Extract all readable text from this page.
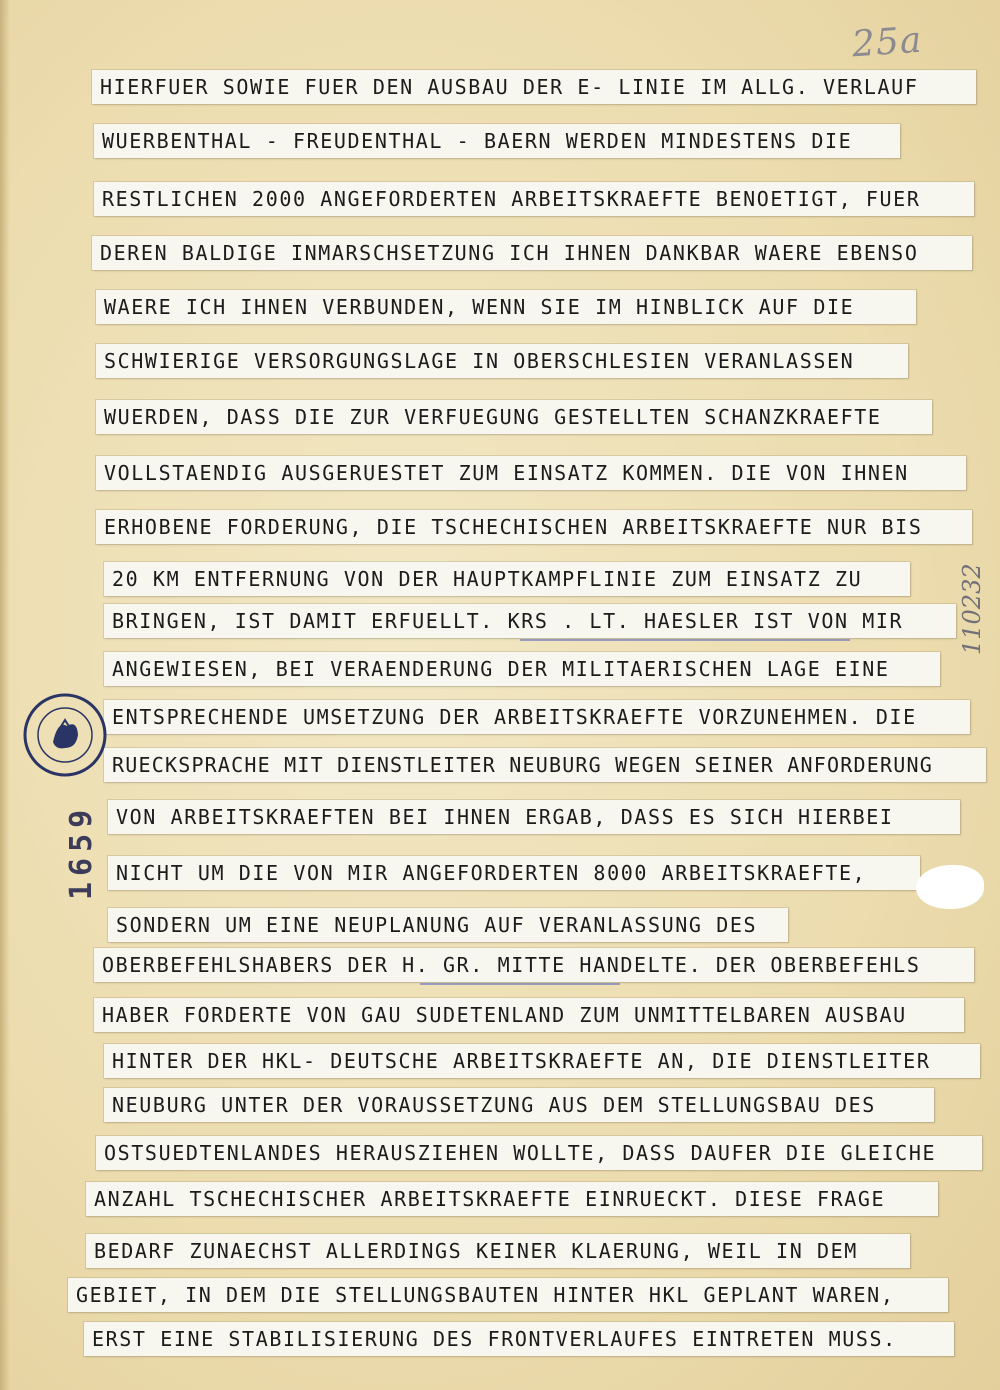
25a
HIERFUER SOWIE FUER DEN AUSBAU DER E- LINIE IM ALLG. VERLAUF
WUERBENTHAL - FREUDENTHAL - BAERN WERDEN MINDESTENS DIE
RESTLICHEN 2000 ANGEFORDERTEN ARBEITSKRAEFTE BENOETIGT, FUER
DEREN BALDIGE INMARSCHSETZUNG ICH IHNEN DANKBAR WAERE EBENSO
WAERE ICH IHNEN VERBUNDEN, WENN SIE IM HINBLICK AUF DIE
SCHWIERIGE VERSORGUNGSLAGE IN OBERSCHLESIEN VERANLASSEN
WUERDEN, DASS DIE ZUR VERFUEGUNG GESTELLTEN SCHANZKRAEFTE
VOLLSTAENDIG AUSGERUESTET ZUM EINSATZ KOMMEN. DIE VON IHNEN
ERHOBENE FORDERUNG, DIE TSCHECHISCHEN ARBEITSKRAEFTE NUR BIS
20 KM ENTFERNUNG VON DER HAUPTKAMPFLINIE ZUM EINSATZ ZU
BRINGEN, IST DAMIT ERFUELLT. KRS . LT. HAESLER IST VON MIR
ANGEWIESEN, BEI VERAENDERUNG DER MILITAERISCHEN LAGE EINE
ENTSPRECHENDE UMSETZUNG DER ARBEITSKRAEFTE VORZUNEHMEN. DIE
RUECKSPRACHE MIT DIENSTLEITER NEUBURG WEGEN SEINER ANFORDERUNG
VON ARBEITSKRAEFTEN BEI IHNEN ERGAB, DASS ES SICH HIERBEI
NICHT UM DIE VON MIR ANGEFORDERTEN 8000 ARBEITSKRAEFTE,
SONDERN UM EINE NEUPLANUNG AUF VERANLASSUNG DES
OBERBEFEHLSHABERS DER H. GR. MITTE HANDELTE. DER OBERBEFEHLS
HABER FORDERTE VON GAU SUDETENLAND ZUM UNMITTELBAREN AUSBAU
HINTER DER HKL- DEUTSCHE ARBEITSKRAEFTE AN, DIE DIENSTLEITER
NEUBURG UNTER DER VORAUSSETZUNG AUS DEM STELLUNGSBAU DES
OSTSUEDTENLANDES HERAUSZIEHEN WOLLTE, DASS DAUFER DIE GLEICHE
ANZAHL TSCHECHISCHER ARBEITSKRAEFTE EINRUECKT. DIESE FRAGE
BEDARF ZUNAECHST ALLERDINGS KEINER KLAERUNG, WEIL IN DEM
GEBIET, IN DEM DIE STELLUNGSBAUTEN HINTER HKL GEPLANT WAREN,
ERST EINE STABILISIERUNG DES FRONTVERLAUFES EINTRETEN MUSS.
1659
110232
